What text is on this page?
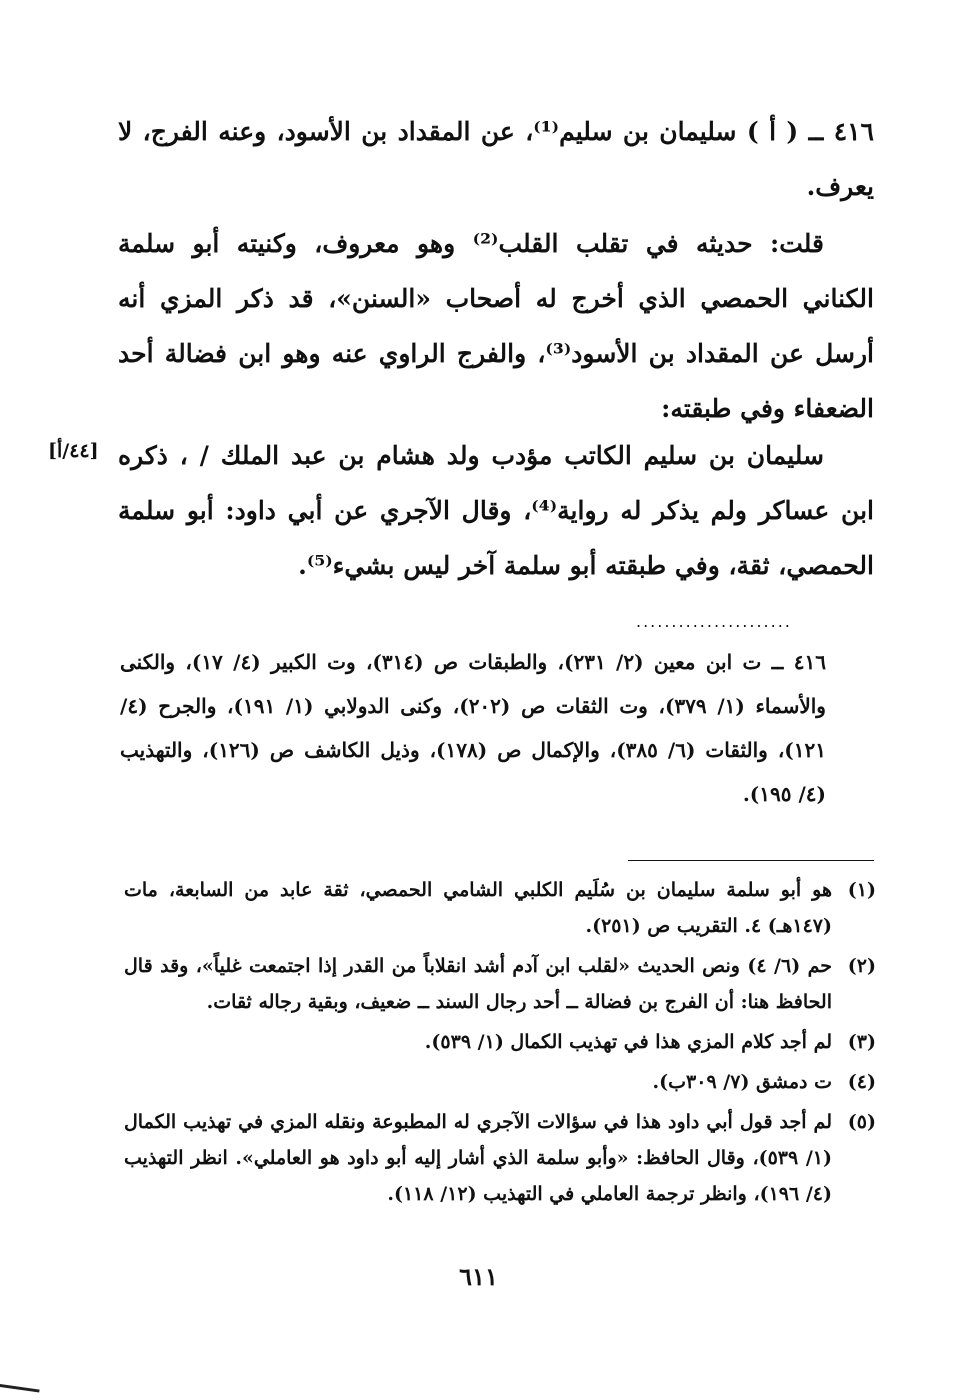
٤١٦ ــ ( أ ) سليمان بن سليم⁽¹⁾، عن المقداد بن الأسود، وعنه الفرج، لا يعرف.

قلت: حديثه في تقلب القلب⁽²⁾ وهو معروف، وكنيته أبو سلمة الكناني الحمصي الذي أخرج له أصحاب «السنن»، قد ذكر المزي أنه أرسل عن المقداد بن الأسود⁽³⁾، والفرج الراوي عنه وهو ابن فضالة أحد الضعفاء وفي طبقته:

سليمان بن سليم الكاتب مؤدب ولد هشام بن عبد الملك / ، ذكره ابن عساكر ولم يذكر له رواية⁽⁴⁾، وقال الآجري عن أبي داود: أبو سلمة الحمصي، ثقة، وفي طبقته أبو سلمة آخر ليس بشيء⁽⁵⁾.

[٤٤/أ]
......................

٤١٦ ــ ت ابن معين (٢/ ٢٣١)، والطبقات ص (٣١٤)، وت الكبير (٤/ ١٧)، والكنى والأسماء (١/ ٣٧٩)، وت الثقات ص (٢٠٢)، وكنى الدولابي (١/ ١٩١)، والجرح (٤/ ١٢١)، والثقات (٦/ ٣٨٥)، والإكمال ص (١٧٨)، وذيل الكاشف ص (١٢٦)، والتهذيب (٤/ ١٩٥).

(١)
هو أبو سلمة سليمان بن سُلَيم الكلبي الشامي الحمصي، ثقة عابد من السابعة، مات (١٤٧هـ) ٤. التقريب ص (٢٥١).
(٢)
حم (٦/ ٤) ونص الحديث «لقلب ابن آدم أشد انقلاباً من القدر إذا اجتمعت غلياً»، وقد قال الحافظ هنا: أن الفرج بن فضالة ــ أحد رجال السند ــ ضعيف، وبقية رجاله ثقات.
(٣)
لم أجد كلام المزي هذا في تهذيب الكمال (١/ ٥٣٩).
(٤)
ت دمشق (٧/ ٣٠٩ب).
(٥)
لم أجد قول أبي داود هذا في سؤالات الآجري له المطبوعة ونقله المزي في تهذيب الكمال (١/ ٥٣٩)، وقال الحافظ: «وأبو سلمة الذي أشار إليه أبو داود هو العاملي». انظر التهذيب (٤/ ١٩٦)، وانظر ترجمة العاملي في التهذيب (١٢/ ١١٨).
٦١١
